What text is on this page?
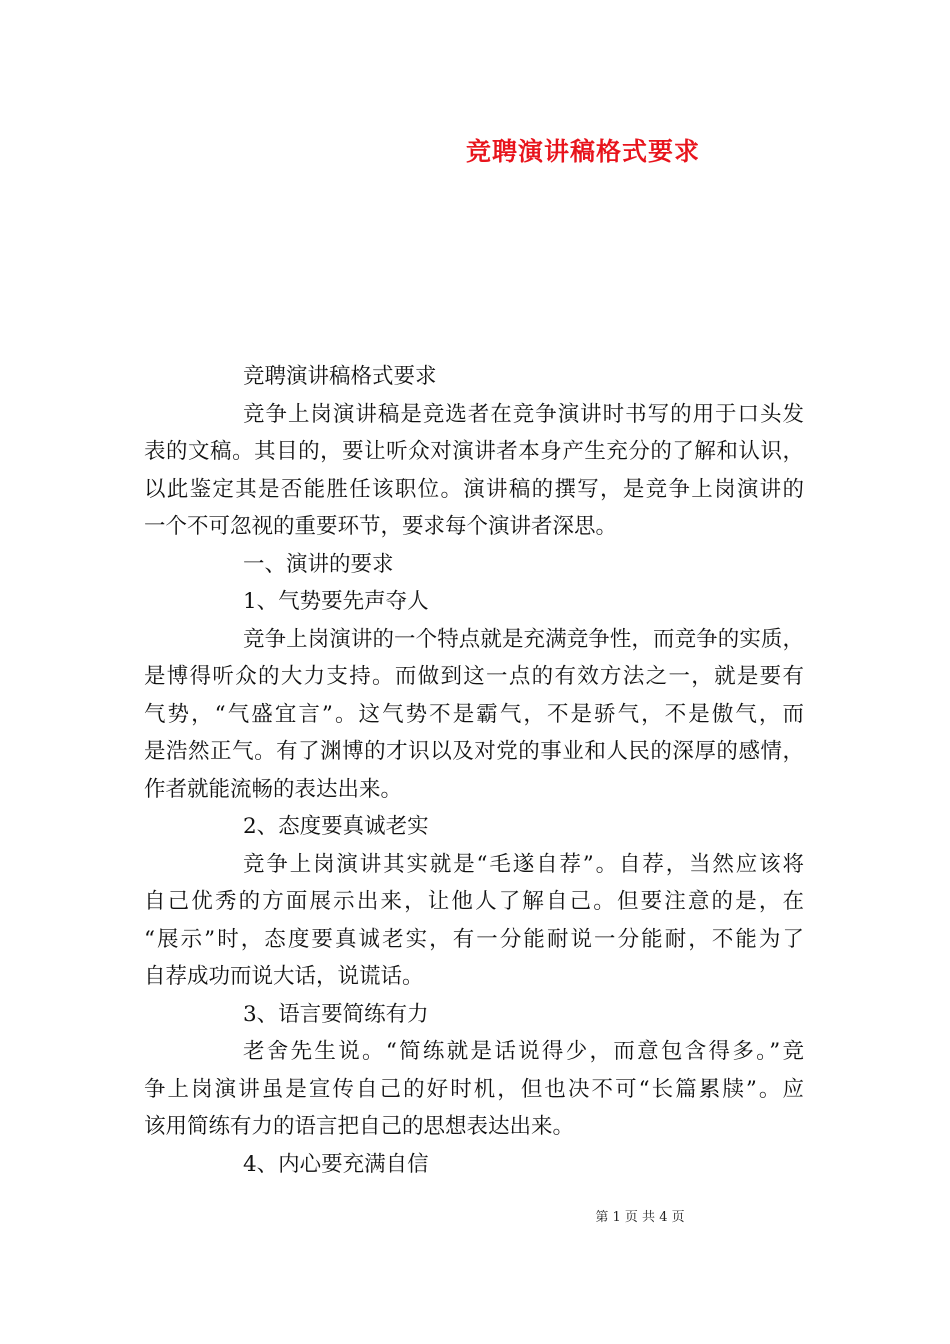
竞聘演讲稿格式要求
竞聘演讲稿格式要求
竞争上岗演讲稿是竞选者在竞争演讲时书写的用于口头发
表的文稿。其目的，要让听众对演讲者本身产生充分的了解和认识，
以此鉴定其是否能胜任该职位。演讲稿的撰写，是竞争上岗演讲的
一个不可忽视的重要环节，要求每个演讲者深思。
一、演讲的要求
1、气势要先声夺人
竞争上岗演讲的一个特点就是充满竞争性，而竞争的实质，
是博得听众的大力支持。而做到这一点的有效方法之一，就是要有
气势，“气盛宜言”。这气势不是霸气，不是骄气，不是傲气，而
是浩然正气。有了渊博的才识以及对党的事业和人民的深厚的感情，
作者就能流畅的表达出来。
2、态度要真诚老实
竞争上岗演讲其实就是“毛遂自荐”。自荐，当然应该将
自己优秀的方面展示出来，让他人了解自己。但要注意的是，在
“展示”时，态度要真诚老实，有一分能耐说一分能耐，不能为了
自荐成功而说大话，说谎话。
3、语言要简练有力
老舍先生说。“简练就是话说得少，而意包含得多。”竞
争上岗演讲虽是宣传自己的好时机，但也决不可“长篇累牍”。应
该用简练有力的语言把自己的思想表达出来。
4、内心要充满自信
第 1 页 共 4 页
